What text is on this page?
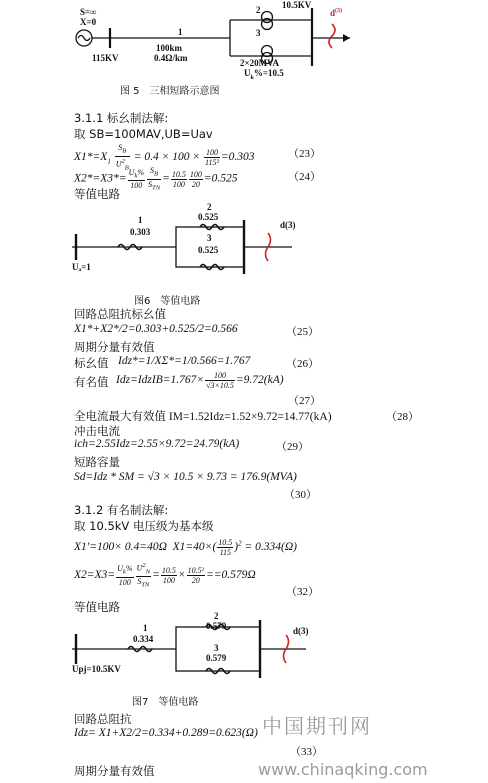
S=∞
X=0
115KV
1
100km
0.4Ω/km
2
3
2×20MVA
$U_k\%=10.5$
10.5KV
$d^{(3)}$
图 5　三相短路示意图
3.1.1 标幺制法解:
取 SB=100MAV,UB=Uav
$X1*=X_1 \frac{S_B}{U^2_B} = 0.4 \times 100 \times \frac{100}{\text{115²}} =0.303$	（23）
$X2*=X3*= \frac{U_k\%}{100} \frac{S_B}{S_{TN}} = \frac{10.5}{100} \frac{100}{20} =0.525$	（24）
等值电路
1
0.303
2
0.525
3
0.525
Uₐ=1
d(3)
图6　等值电路
回路总阻抗标幺值
X1*+X2*/2=0.303+0.525/2=0.566	（25）
周期分量有效值
标幺值 Idz*=1/XΣ*=1/0.566=1.767	（26）
有名值 Idz=IdzIB=1.767× $\frac{100}{√3\times 10.5} =9.72(kA)$
（27）
全电流最大有效值 IM=1.52Idz=1.52×9.72=14.77(kA)	（28）
冲击电流
ich=2.55Idz=2.55×9.72=24.79(kA)	（29）
短路容量
Sd=Idz * SM = √3 × 10.5 × 9.73 = 176.9(MVA)
（30）
3.1.2 有名制法解:
取 10.5kV 电压级为基本级
X1′=100× 0.4=40Ω $X1=40\times( \frac{10.5}{115} )^2 = 0.334(\Omega)$
$X2=X3= \frac{U_k\%}{100} \frac{U^2_N}{S_{TN}} = \frac{10.5}{100} \times \frac{\text{10.5²}}{20} ==0.579\Omega$
（32）
等值电路
1
0.334
2
0.579
3
0.579
Upj=10.5KV
d(3)
图7　等值电路
回路总阻抗
Idz= X1+X2/2=0.334+0.289=0.623(Ω)
（33）
周期分量有效值
中国期刊网
www.chinaqking.com
